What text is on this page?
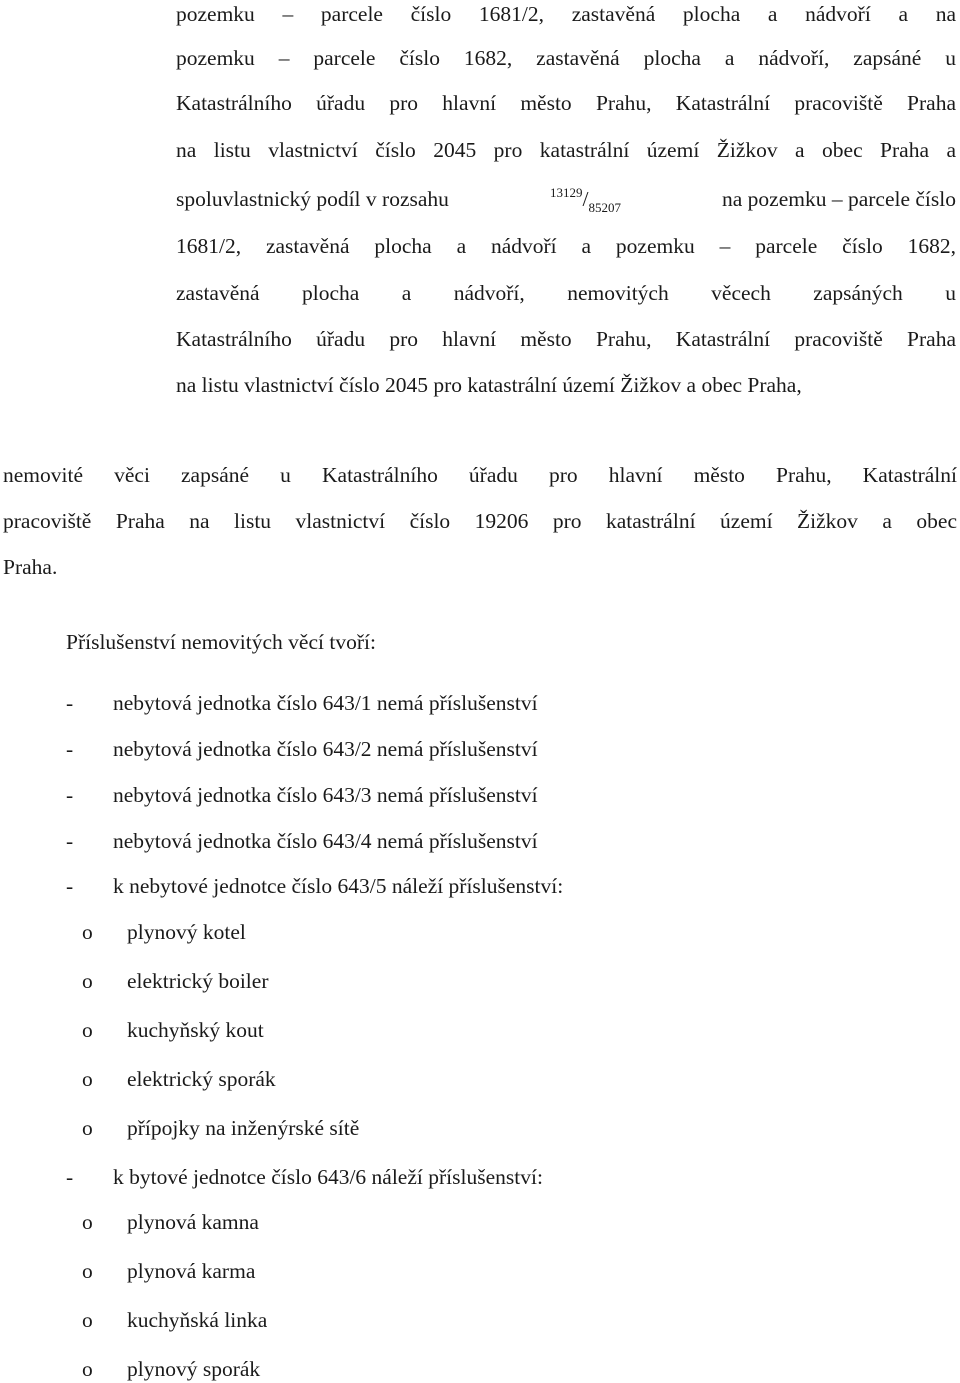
pozemku – parcele číslo 1681/2, zastavěná plocha a nádvoří a na
pozemku – parcele číslo 1682, zastavěná plocha a nádvoří, zapsáné u
Katastrálního úřadu pro hlavní město Prahu, Katastrální pracoviště Praha
na listu vlastnictví číslo 2045 pro katastrální území Žižkov a obec Praha a
spoluvlastnický podíl v rozsahu	$^{13129}/_{85207}$	na pozemku – parcele číslo
1681/2, zastavěná plocha a nádvoří a pozemku – parcele číslo 1682,
zastavěná plocha a nádvoří, nemovitých věcech zapsáných u
Katastrálního úřadu pro hlavní město Prahu, Katastrální pracoviště Praha
na listu vlastnictví číslo 2045 pro katastrální území Žižkov a obec Praha,
nemovité věci zapsáné u Katastrálního úřadu pro hlavní město Prahu, Katastrální
pracoviště Praha na listu vlastnictví číslo 19206 pro katastrální území Žižkov a obec
Praha.
Příslušenství nemovitých věcí tvoří:
- nebytová jednotka číslo 643/1 nemá příslušenství
- nebytová jednotka číslo 643/2 nemá příslušenství
- nebytová jednotka číslo 643/3 nemá příslušenství
- nebytová jednotka číslo 643/4 nemá příslušenství
- k nebytové jednotce číslo 643/5 náleží příslušenství:
o plynový kotel
o elektrický boiler
o kuchyňský kout
o elektrický sporák
o přípojky na inženýrské sítě
- k bytové jednotce číslo 643/6 náleží příslušenství:
o plynová kamna
o plynová karma
o kuchyňská linka
o plynový sporák
